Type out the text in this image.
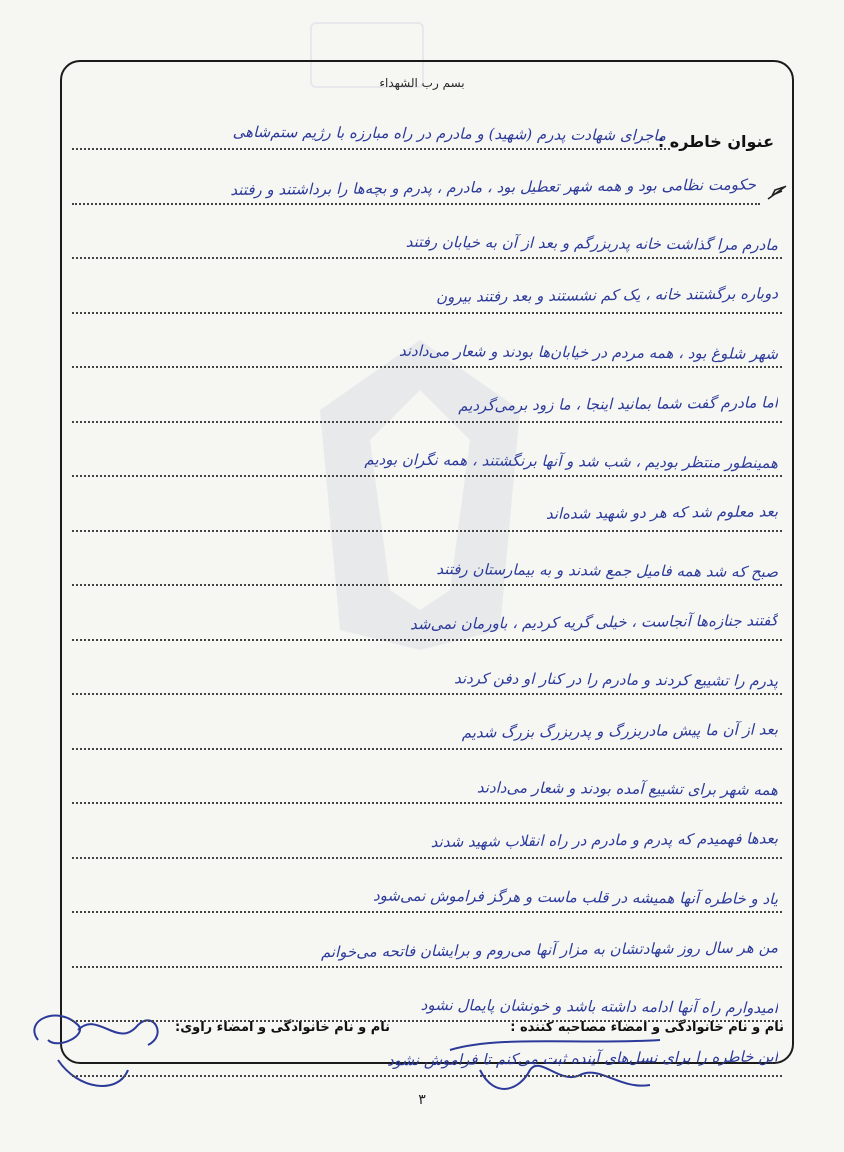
بسم رب الشهداء
عنوان خاطره :
ماجرای شهادت پدرم (شهید) و مادرم در راه مبارزه با رژیم ستم‌شاهی
حکومت نظامی بود و همه شهر تعطیل بود ، مادرم ، پدرم و بچه‌ها را برداشتند و رفتند
مادرم مرا گذاشت خانه پدربزرگم و بعد از آن به خیابان رفتند
دوباره برگشتند خانه ، یک کم نشستند و بعد رفتند بیرون
شهر شلوغ بود ، همه مردم در خیابان‌ها بودند و شعار می‌دادند
اما مادرم گفت شما بمانید اینجا ، ما زود برمی‌گردیم
همینطور منتظر بودیم ، شب شد و آنها برنگشتند ، همه نگران بودیم
بعد معلوم شد که هر دو شهید شده‌اند
صبح که شد همه فامیل جمع شدند و به بیمارستان رفتند
گفتند جنازه‌ها آنجاست ، خیلی گریه کردیم ، باورمان نمی‌شد
پدرم را تشییع کردند و مادرم را در کنار او دفن کردند
بعد از آن ما پیش مادربزرگ و پدربزرگ بزرگ شدیم
همه شهر برای تشییع آمده بودند و شعار می‌دادند
بعدها فهمیدم که پدرم و مادرم در راه انقلاب شهید شدند
یاد و خاطره آنها همیشه در قلب ماست و هرگز فراموش نمی‌شود
من هر سال روز شهادتشان به مزار آنها می‌روم و برایشان فاتحه می‌خوانم
امیدوارم راه آنها ادامه داشته باشد و خونشان پایمال نشود
این خاطره را برای نسل‌های آینده ثبت می‌کنم تا فراموش نشود
نام و نام خانوادگی و امضاء مصاحبه کننده :
نام و نام خانوادگی و امضاء راوی:
۳
